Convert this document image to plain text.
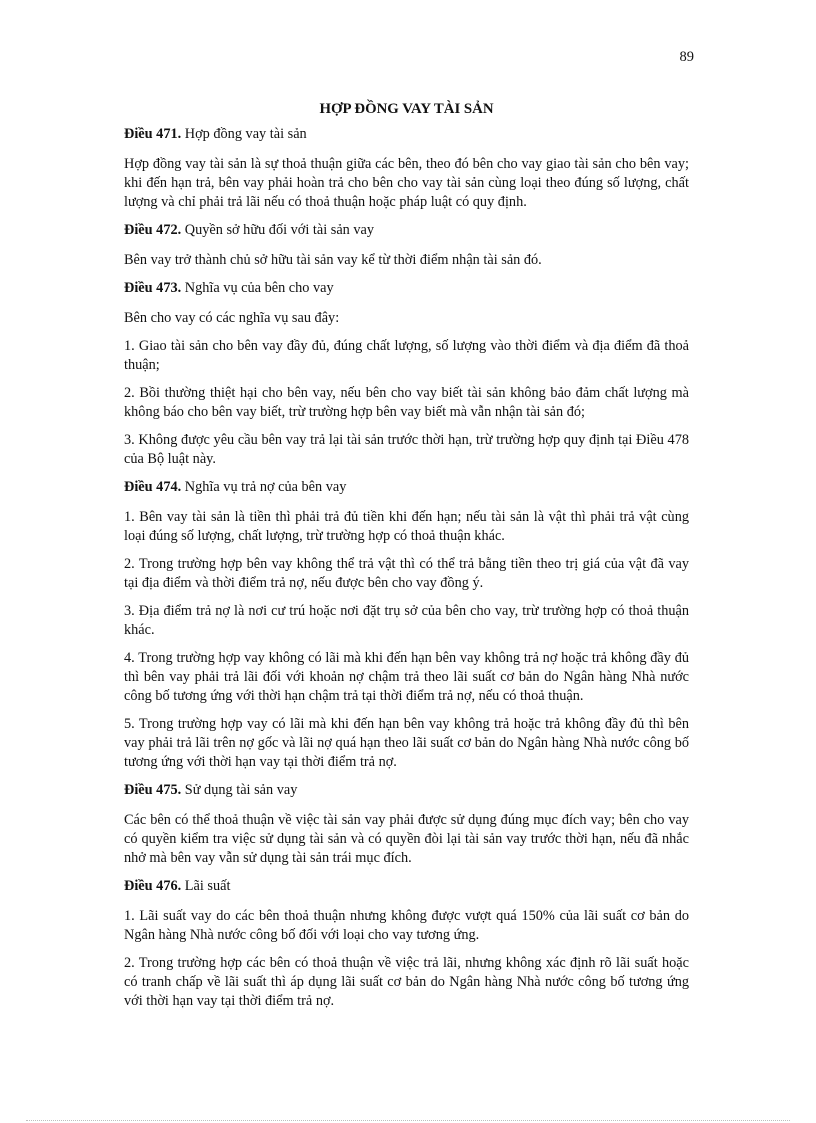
89
HỢP ĐỒNG VAY TÀI SẢN

Điều 471. Hợp đồng vay tài sản

Hợp đồng vay tài sản là sự thoả thuận giữa các bên, theo đó bên cho vay giao tài sản cho bên vay; khi đến hạn trả, bên vay phải hoàn trả cho bên cho vay tài sản cùng loại theo đúng số lượng, chất lượng và chỉ phải trả lãi nếu có thoả thuận hoặc pháp luật có quy định.

Điều 472. Quyền sở hữu đối với tài sản vay

Bên vay trở thành chủ sở hữu tài sản vay kể từ thời điểm nhận tài sản đó.

Điều 473. Nghĩa vụ của bên cho vay

Bên cho vay có các nghĩa vụ sau đây:

1. Giao tài sản cho bên vay đầy đủ, đúng chất lượng, số lượng vào thời điểm và địa điểm đã thoả thuận;

2. Bồi thường thiệt hại cho bên vay, nếu bên cho vay biết tài sản không bảo đảm chất lượng mà không báo cho bên vay biết, trừ trường hợp bên vay biết mà vẫn nhận tài sản đó;

3. Không được yêu cầu bên vay trả lại tài sản trước thời hạn, trừ trường hợp quy định tại Điều 478 của Bộ luật này.

Điều 474. Nghĩa vụ trả nợ của bên vay

1. Bên vay tài sản là tiền thì phải trả đủ tiền khi đến hạn; nếu tài sản là vật thì phải trả vật cùng loại đúng số lượng, chất lượng, trừ trường hợp có thoả thuận khác.

2. Trong trường hợp bên vay không thể trả vật thì có thể trả bằng tiền theo trị giá của vật đã vay tại địa điểm và thời điểm trả nợ, nếu được bên cho vay đồng ý.

3. Địa điểm trả nợ là nơi cư trú hoặc nơi đặt trụ sở của bên cho vay, trừ trường hợp có thoả thuận khác.

4. Trong trường hợp vay không có lãi mà khi đến hạn bên vay không trả nợ hoặc trả không đầy đủ thì bên vay phải trả lãi đối với khoản nợ chậm trả theo lãi suất cơ bản do Ngân hàng Nhà nước công bố tương ứng với thời hạn chậm trả tại thời điểm trả nợ, nếu có thoả thuận.

5. Trong trường hợp vay có lãi mà khi đến hạn bên vay không trả hoặc trả không đầy đủ thì bên vay phải trả lãi trên nợ gốc và lãi nợ quá hạn theo lãi suất cơ bản do Ngân hàng Nhà nước công bố tương ứng với thời hạn vay tại thời điểm trả nợ.

Điều 475. Sử dụng tài sản vay

Các bên có thể thoả thuận về việc tài sản vay phải được sử dụng đúng mục đích vay; bên cho vay có quyền kiểm tra việc sử dụng tài sản và có quyền đòi lại tài sản vay trước thời hạn, nếu đã nhắc nhở mà bên vay vẫn sử dụng tài sản trái mục đích.

Điều 476. Lãi suất

1. Lãi suất vay do các bên thoả thuận nhưng không được vượt quá 150% của lãi suất cơ bản do Ngân hàng Nhà nước công bố đối với loại cho vay tương ứng.

2. Trong trường hợp các bên có thoả thuận về việc trả lãi, nhưng không xác định rõ lãi suất hoặc có tranh chấp về lãi suất thì áp dụng lãi suất cơ bản do Ngân hàng Nhà nước công bố tương ứng với thời hạn vay tại thời điểm trả nợ.
